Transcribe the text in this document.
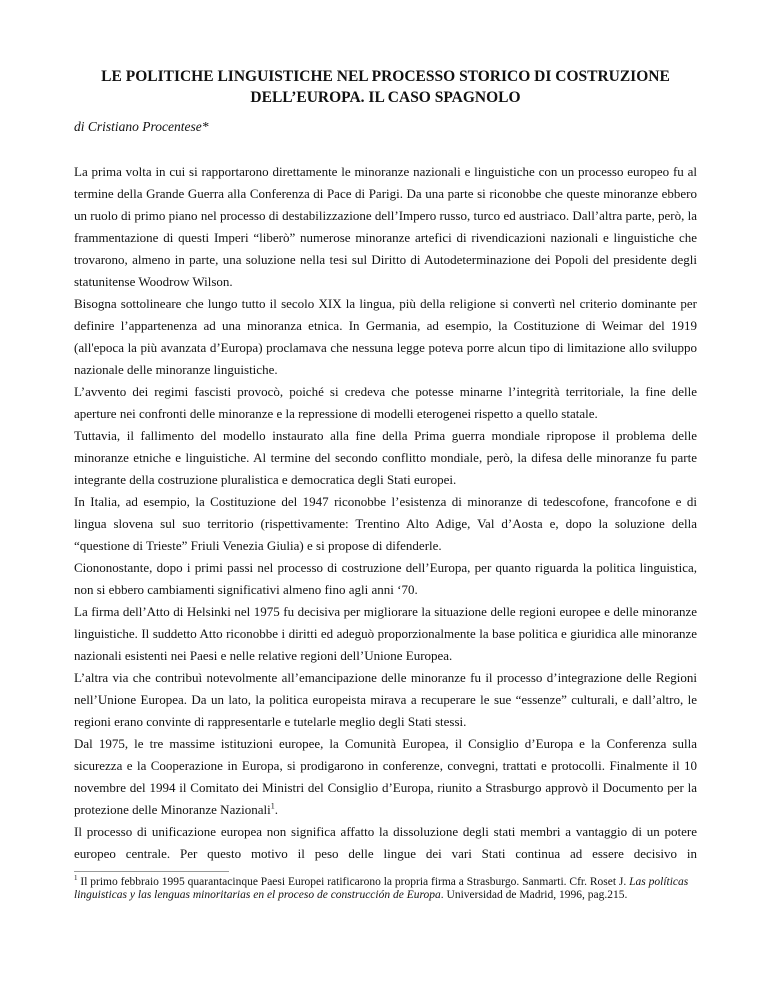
LE POLITICHE LINGUISTICHE NEL PROCESSO STORICO DI COSTRUZIONE DELL’EUROPA. IL CASO SPAGNOLO
di Cristiano Procentese*

La prima volta in cui si rapportarono direttamente le minoranze nazionali e linguistiche con un processo europeo fu al termine della Grande Guerra alla Conferenza di Pace di Parigi. Da una parte si riconobbe che queste minoranze ebbero un ruolo di primo piano nel processo di destabilizzazione dell’Impero russo, turco ed austriaco. Dall’altra parte, però, la frammentazione di questi Imperi “liberò” numerose minoranze artefici di rivendicazioni nazionali e linguistiche che trovarono, almeno in parte, una soluzione nella tesi sul Diritto di Autodeterminazione dei Popoli del presidente degli statunitense Woodrow Wilson.

Bisogna sottolineare che lungo tutto il secolo XIX la lingua, più della religione si convertì nel criterio dominante per definire l’appartenenza ad una minoranza etnica. In Germania, ad esempio, la Costituzione di Weimar del 1919 (all'epoca la più avanzata d’Europa) proclamava che nessuna legge poteva porre alcun tipo di limitazione allo sviluppo nazionale delle minoranze linguistiche.

L’avvento dei regimi fascisti provocò, poiché si credeva che potesse minarne l’integrità territoriale, la fine delle aperture nei confronti delle minoranze e la repressione di modelli eterogenei rispetto a quello statale.

Tuttavia, il fallimento del modello instaurato alla fine della Prima guerra mondiale ripropose il problema delle minoranze etniche e linguistiche. Al termine del secondo conflitto mondiale, però, la difesa delle minoranze fu parte integrante della costruzione pluralistica e democratica degli Stati europei.

In Italia, ad esempio, la Costituzione del 1947 riconobbe l’esistenza di minoranze di tedescofone, francofone e di lingua slovena sul suo territorio (rispettivamente: Trentino Alto Adige, Val d’Aosta e, dopo la soluzione della “questione di Trieste” Friuli Venezia Giulia) e si propose di difenderle.

Ciononostante, dopo i primi passi nel processo di costruzione dell’Europa, per quanto riguarda la politica linguistica, non si ebbero cambiamenti significativi almeno fino agli anni ‘70.

La firma dell’Atto di Helsinki nel 1975 fu decisiva per migliorare la situazione delle regioni europee e delle minoranze linguistiche. Il suddetto Atto riconobbe i diritti ed adeguò proporzionalmente la base politica e giuridica alle minoranze nazionali esistenti nei Paesi e nelle relative regioni dell’Unione Europea.

L’altra via che contribuì notevolmente all’emancipazione delle minoranze fu il processo d’integrazione delle Regioni nell’Unione Europea. Da un lato, la politica europeista mirava a recuperare le sue “essenze” culturali, e dall’altro, le regioni erano convinte di rappresentarle e tutelarle meglio degli Stati stessi.

Dal 1975, le tre massime istituzioni europee, la Comunità Europea, il Consiglio d’Europa e la Conferenza sulla sicurezza e la Cooperazione in Europa, si prodigarono in conferenze, convegni, trattati e protocolli. Finalmente il 10 novembre del 1994 il Comitato dei Ministri del Consiglio d’Europa, riunito a Strasburgo approvò il Documento per la protezione delle Minoranze Nazionali$^1$.

Il processo di unificazione europea non significa affatto la dissoluzione degli stati membri a vantaggio di un potere europeo centrale. Per questo motivo il peso delle lingue dei vari Stati continua ad essere decisivo in

$^1$ Il primo febbraio 1995 quarantacinque Paesi Europei ratificarono la propria firma a Strasburgo. Sanmarti. Cfr. Roset J. Las políticas linguisticas y las lenguas minoritarias en el proceso de construcción de Europa. Universidad de Madrid, 1996, pag.215.
